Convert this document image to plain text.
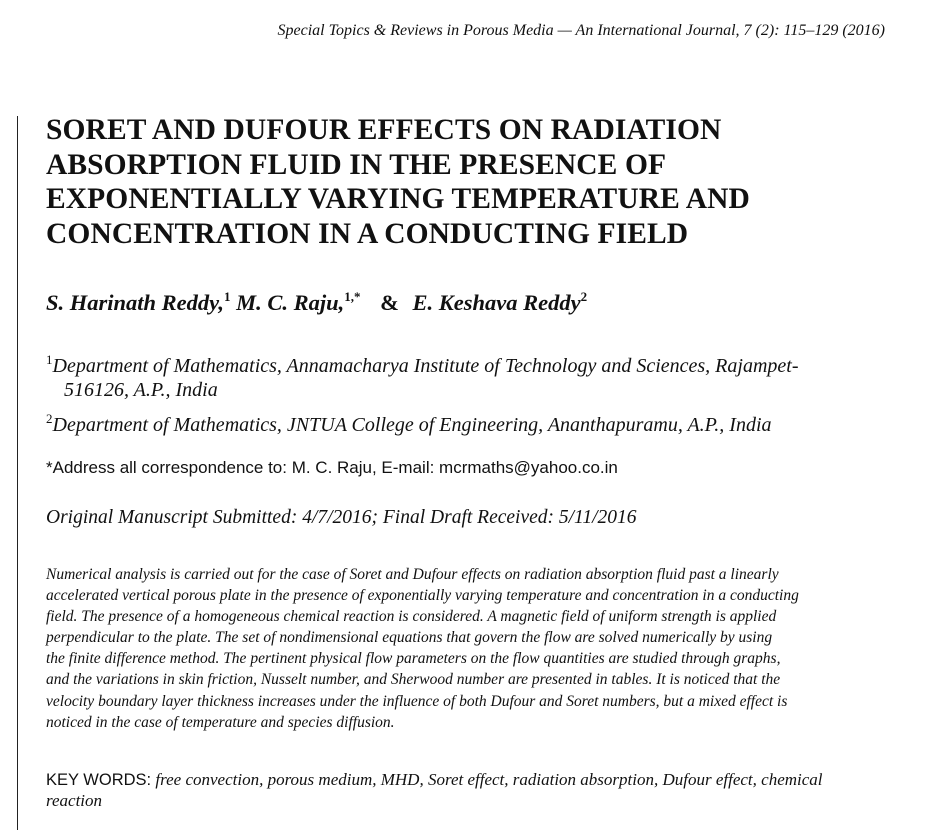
Special Topics & Reviews in Porous Media — An International Journal, 7 (2): 115–129 (2016)
SORET AND DUFOUR EFFECTS ON RADIATION
ABSORPTION FLUID IN THE PRESENCE OF
EXPONENTIALLY VARYING TEMPERATURE AND
CONCENTRATION IN A CONDUCTING FIELD
S. Harinath Reddy,$^1$ M. C. Raju,$^{1,*}$ & E. Keshava Reddy$^2$
$^1$Department of Mathematics, Annamacharya Institute of Technology and Sciences, Rajampet-
516126, A.P., India
$^2$Department of Mathematics, JNTUA College of Engineering, Ananthapuramu, A.P., India
*Address all correspondence to: M. C. Raju, E-mail: mcrmaths@yahoo.co.in
Original Manuscript Submitted: 4/7/2016; Final Draft Received: 5/11/2016
Numerical analysis is carried out for the case of Soret and Dufour effects on radiation absorption fluid past a linearly
accelerated vertical porous plate in the presence of exponentially varying temperature and concentration in a conducting
field. The presence of a homogeneous chemical reaction is considered. A magnetic field of uniform strength is applied
perpendicular to the plate. The set of nondimensional equations that govern the flow are solved numerically by using
the finite difference method. The pertinent physical flow parameters on the flow quantities are studied through graphs,
and the variations in skin friction, Nusselt number, and Sherwood number are presented in tables. It is noticed that the
velocity boundary layer thickness increases under the influence of both Dufour and Soret numbers, but a mixed effect is
noticed in the case of temperature and species diffusion.
KEY WORDS: free convection, porous medium, MHD, Soret effect, radiation absorption, Dufour effect, chemical reaction
